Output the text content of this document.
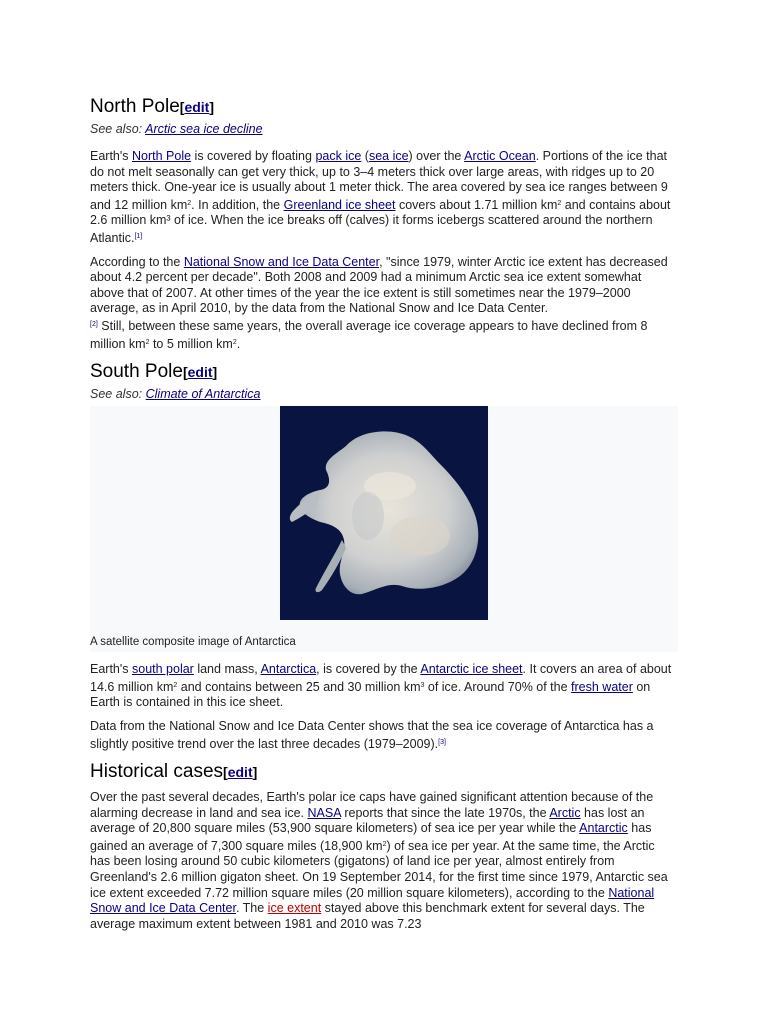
North Pole[edit]
See also: Arctic sea ice decline

Earth's North Pole is covered by floating pack ice (sea ice) over the Arctic Ocean. Portions of the ice that do not melt seasonally can get very thick, up to 3–4 meters thick over large areas, with ridges up to 20 meters thick. One-year ice is usually about 1 meter thick. The area covered by sea ice ranges between 9 and 12 million $km^2$. In addition, the Greenland ice sheet covers about 1.71 million $km^2$ and contains about 2.6 million km³ of ice. When the ice breaks off (calves) it forms icebergs scattered around the northern Atlantic.[1]

According to the National Snow and Ice Data Center, "since 1979, winter Arctic ice extent has decreased about 4.2 percent per decade". Both 2008 and 2009 had a minimum Arctic sea ice extent somewhat above that of 2007. At other times of the year the ice extent is still sometimes near the 1979–2000 average, as in April 2010, by the data from the National Snow and Ice Data Center.
[2] Still, between these same years, the overall average ice coverage appears to have declined from 8 million $km^2$ to 5 million $km^2$.

South Pole[edit]
See also: Climate of Antarctica
A satellite composite image of Antarctica

Earth's south polar land mass, Antarctica, is covered by the Antarctic ice sheet. It covers an area of about 14.6 million $km^2$ and contains between 25 and 30 million $km^3$ of ice. Around 70% of the fresh water on Earth is contained in this ice sheet.

Data from the National Snow and Ice Data Center shows that the sea ice coverage of Antarctica has a slightly positive trend over the last three decades (1979–2009).[3]

Historical cases[edit]

Over the past several decades, Earth's polar ice caps have gained significant attention because of the alarming decrease in land and sea ice. NASA reports that since the late 1970s, the Arctic has lost an average of 20,800 square miles (53,900 square kilometers) of sea ice per year while the Antarctic has gained an average of 7,300 square miles (18,900 $km^2$) of sea ice per year. At the same time, the Arctic has been losing around 50 cubic kilometers (gigatons) of land ice per year, almost entirely from Greenland's 2.6 million gigaton sheet. On 19 September 2014, for the first time since 1979, Antarctic sea ice extent exceeded 7.72 million square miles (20 million square kilometers), according to the National Snow and Ice Data Center. The ice extent stayed above this benchmark extent for several days. The average maximum extent between 1981 and 2010 was 7.23
